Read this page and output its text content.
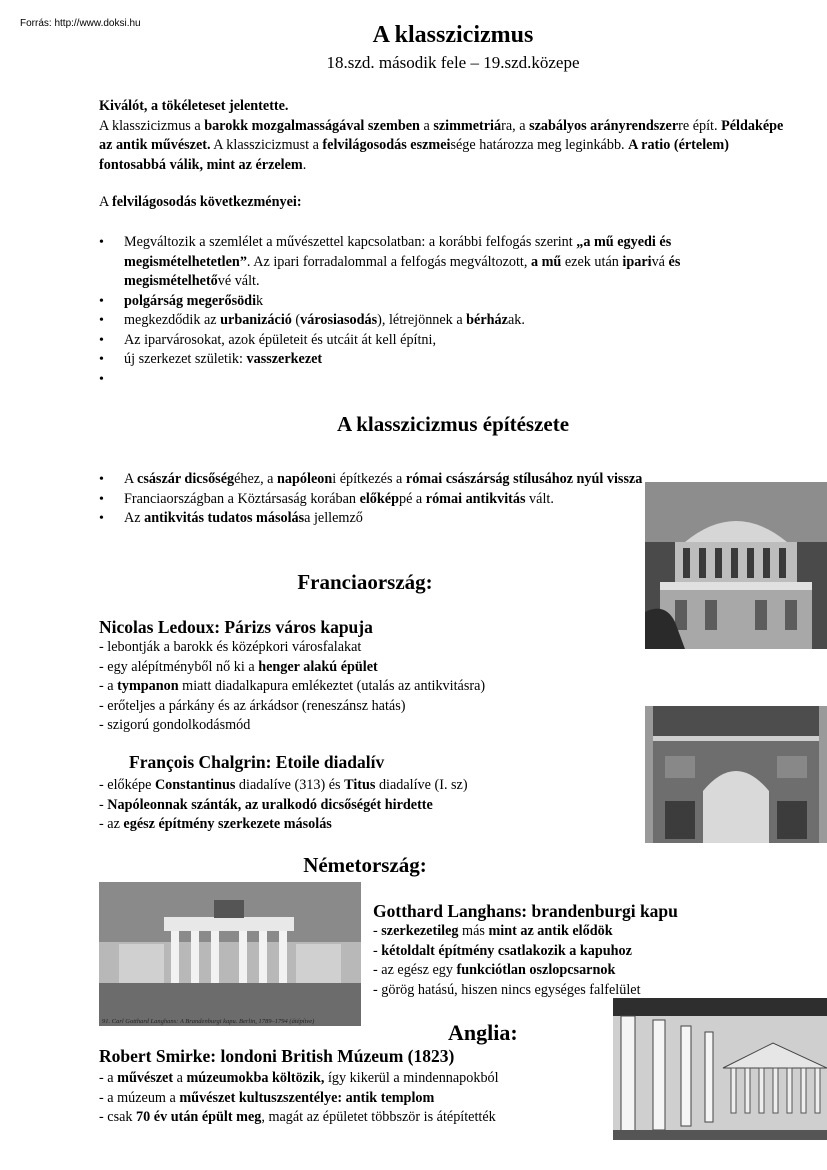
Forrás: http://www.doksi.hu	A klasszicizmus
18.szd. második fele – 19.szd.közepe
Kiválót, a tökéleteset jelentette.
A klasszicizmus a barokk mozgalmasságával szemben a szimmetriára, a szabályos arányrendszerre épít. Példaképe az antik művészet. A klasszicizmust a felvilágosodás eszmeisége határozza meg leginkább. A ratio (értelem) fontosabbá válik, mint az érzelem.
A felvilágosodás következményei:
• Megváltozik a szemlélet a művészettel kapcsolatban: a korábbi felfogás szerint „a mű egyedi és megismételhetetlen”. Az ipari forradalommal a felfogás megváltozott, a mű ezek után iparivá és megismételhetővé vált.
• polgárság megerősödik
• megkezdődik az urbanizáció (városiasodás), létrejönnek a bérházak.
• Az iparvárosokat, azok épületeit és utcáit át kell építni,
• új szerkezet születik: vasszerkezet
•
A klasszicizmus építészete
• A császár dicsőségéhez, a napóleoni építkezés a római császárság stílusához nyúl vissza
• Franciaországban a Köztársaság korában előképpé a római antikvitás vált.
• Az antikvitás tudatos másolása jellemző
Franciaország:
Nicolas Ledoux: Párizs város kapuja
- lebontják a barokk és középkori városfalakat
- egy alépítményből nő ki a henger alakú épület
- a tympanon miatt diadalkapura emlékeztet (utalás az antikvitásra)
- erőteljes a párkány és az árkádsor (reneszánsz hatás)
- szigorú gondolkodásmód
François Chalgrin: Etoile diadalív
- előképe Constantinus diadalíve (313) és Titus diadalíve (I. sz)
- Napóleonnak szánták, az uralkodó dicsőségét hirdette
- az egész építmény szerkezete másolás
Németország:
91. Carl Gotthard Langhans: A Brandenburgi kapu. Berlin, 1789–1794 (átépítve)
Gotthard Langhans: brandenburgi kapu
- szerkezetileg más mint az antik elődök
- kétoldalt építmény csatlakozik a kapuhoz
- az egész egy funkciótlan oszlopcsarnok
- görög hatású, hiszen nincs egységes falfelület
Anglia:
Robert Smirke: londoni British Múzeum (1823)
- a művészet a múzeumokba költözik, így kikerül a mindennapokból
- a múzeum a művészet kultuszszentélye: antik templom
- csak 70 év után épült meg, magát az épületet többször is átépítették
